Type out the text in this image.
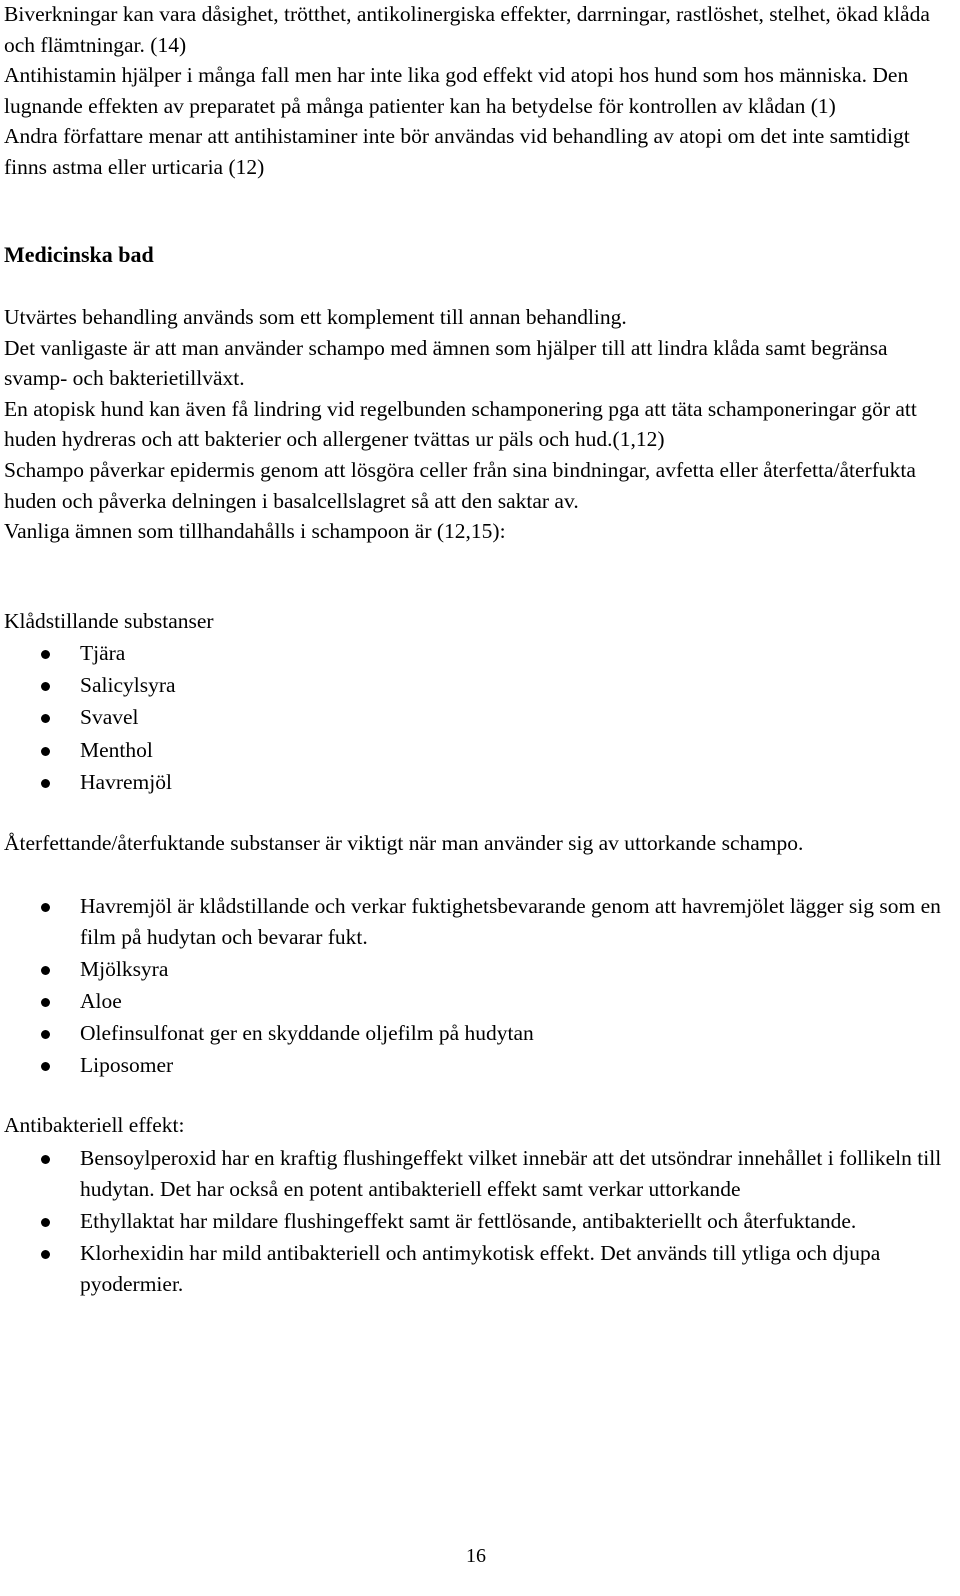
Biverkningar kan vara dåsighet, trötthet, antikolinergiska effekter, darrningar, rastlöshet, stelhet, ökad klåda och flämtningar. (14)
Antihistamin hjälper i många fall men har inte lika god effekt vid atopi hos hund som hos människa. Den lugnande effekten av preparatet på många patienter kan ha betydelse för kontrollen av klådan (1)
Andra författare menar att antihistaminer inte bör användas vid behandling av atopi om det inte samtidigt finns astma eller urticaria (12)

Medicinska bad

Utvärtes behandling används som ett komplement till annan behandling.
Det vanligaste är att man använder schampo med ämnen som hjälper till att lindra klåda samt begränsa svamp- och bakterietillväxt.
En atopisk hund kan även få lindring vid regelbunden schamponering pga att täta schamponeringar gör att huden hydreras och att bakterier och allergener tvättas ur päls och hud.(1,12)
Schampo påverkar epidermis genom att lösgöra celler från sina bindningar, avfetta eller återfetta/återfukta huden och påverka delningen i basalcellslagret så att den saktar av.
Vanliga ämnen som tillhandahålls i schampoon är (12,15):

Klådstillande substanser

Tjära
Salicylsyra
Svavel
Menthol
Havremjöl

Återfettande/återfuktande substanser är viktigt när man använder sig av uttorkande schampo.

Havremjöl är klådstillande och verkar fuktighetsbevarande genom att havremjölet lägger sig som en film på hudytan och bevarar fukt.
Mjölksyra
Aloe
Olefinsulfonat ger en skyddande oljefilm på hudytan
Liposomer

Antibakteriell effekt:

Bensoylperoxid har en kraftig flushingeffekt vilket innebär att det utsöndrar innehållet i follikeln till hudytan. Det har också en potent antibakteriell effekt samt verkar uttorkande
Ethyllaktat har mildare flushingeffekt samt är fettlösande, antibakteriellt och återfuktande.
Klorhexidin har mild antibakteriell och antimykotisk effekt. Det används till ytliga och djupa pyodermier.
16
